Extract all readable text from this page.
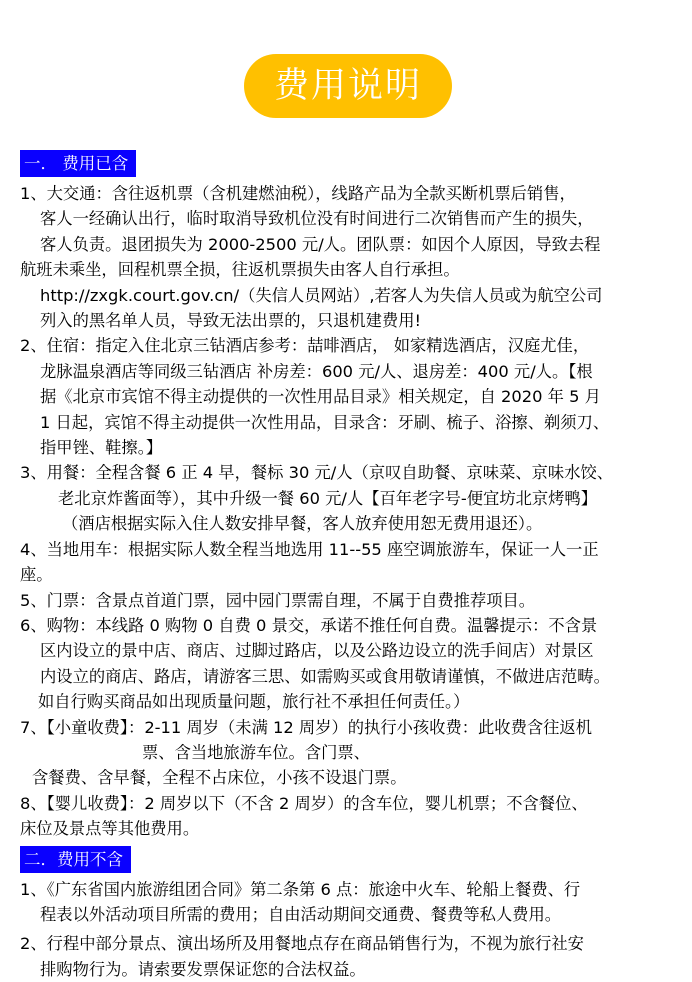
费用说明
一． 费用已含

1、大交通：含往返机票（含机建燃油税），线路产品为全款买断机票后销售，

客人一经确认出行，临时取消导致机位没有时间进行二次销售而产生的损失，

客人负责。退团损失为 2000-2500 元/人。团队票：如因个人原因，导致去程

航班未乘坐，回程机票全损，往返机票损失由客人自行承担。

http://zxgk.court.gov.cn/（失信人员网站）,若客人为失信人员或为航空公司

列入的黑名单人员，导致无法出票的，只退机建费用!

2、住宿：指定入住北京三钻酒店参考：喆啡酒店， 如家精选酒店，汉庭尤佳，

龙脉温泉酒店等同级三钻酒店 补房差：600 元/人、退房差：400 元/人。【根

据《北京市宾馆不得主动提供的一次性用品目录》相关规定，自 2020 年 5 月

1 日起，宾馆不得主动提供一次性用品，目录含：牙刷、梳子、浴擦、剃须刀、

指甲锉、鞋擦。】

3、用餐：全程含餐 6 正 4 早，餐标 30 元/人（京叹自助餐、京味菜、京味水饺、

老北京炸酱面等），其中升级一餐 60 元/人【百年老字号-便宜坊北京烤鸭】

（酒店根据实际入住人数安排早餐，客人放弃使用恕无费用退还）。

4、当地用车：根据实际人数全程当地选用 11--55 座空调旅游车，保证一人一正

座。

5、门票：含景点首道门票，园中园门票需自理，不属于自费推荐项目。

6、购物：本线路 0 购物 0 自费 0 景交，承诺不推任何自费。温馨提示：不含景

区内设立的景中店、商店、过脚过路店，以及公路边设立的洗手间店）对景区

内设立的商店、路店，请游客三思、如需购买或食用敬请谨慎，不做进店范畴。

如自行购买商品如出现质量问题，旅行社不承担任何责任。）

7、【小童收费】：2-11 周岁（未满 12 周岁）的执行小孩收费：此收费含往返机

票、含当地旅游车位。含门票、

含餐费、含早餐，全程不占床位，小孩不设退门票。

8、【婴儿收费】：2 周岁以下（不含 2 周岁）的含车位，婴儿机票；不含餐位、

床位及景点等其他费用。

二．费用不含

1、《广东省国内旅游组团合同》第二条第 6 点：旅途中火车、轮船上餐费、行

程表以外活动项目所需的费用；自由活动期间交通费、餐费等私人费用。

2、行程中部分景点、演出场所及用餐地点存在商品销售行为，不视为旅行社安

排购物行为。请索要发票保证您的合法权益。
